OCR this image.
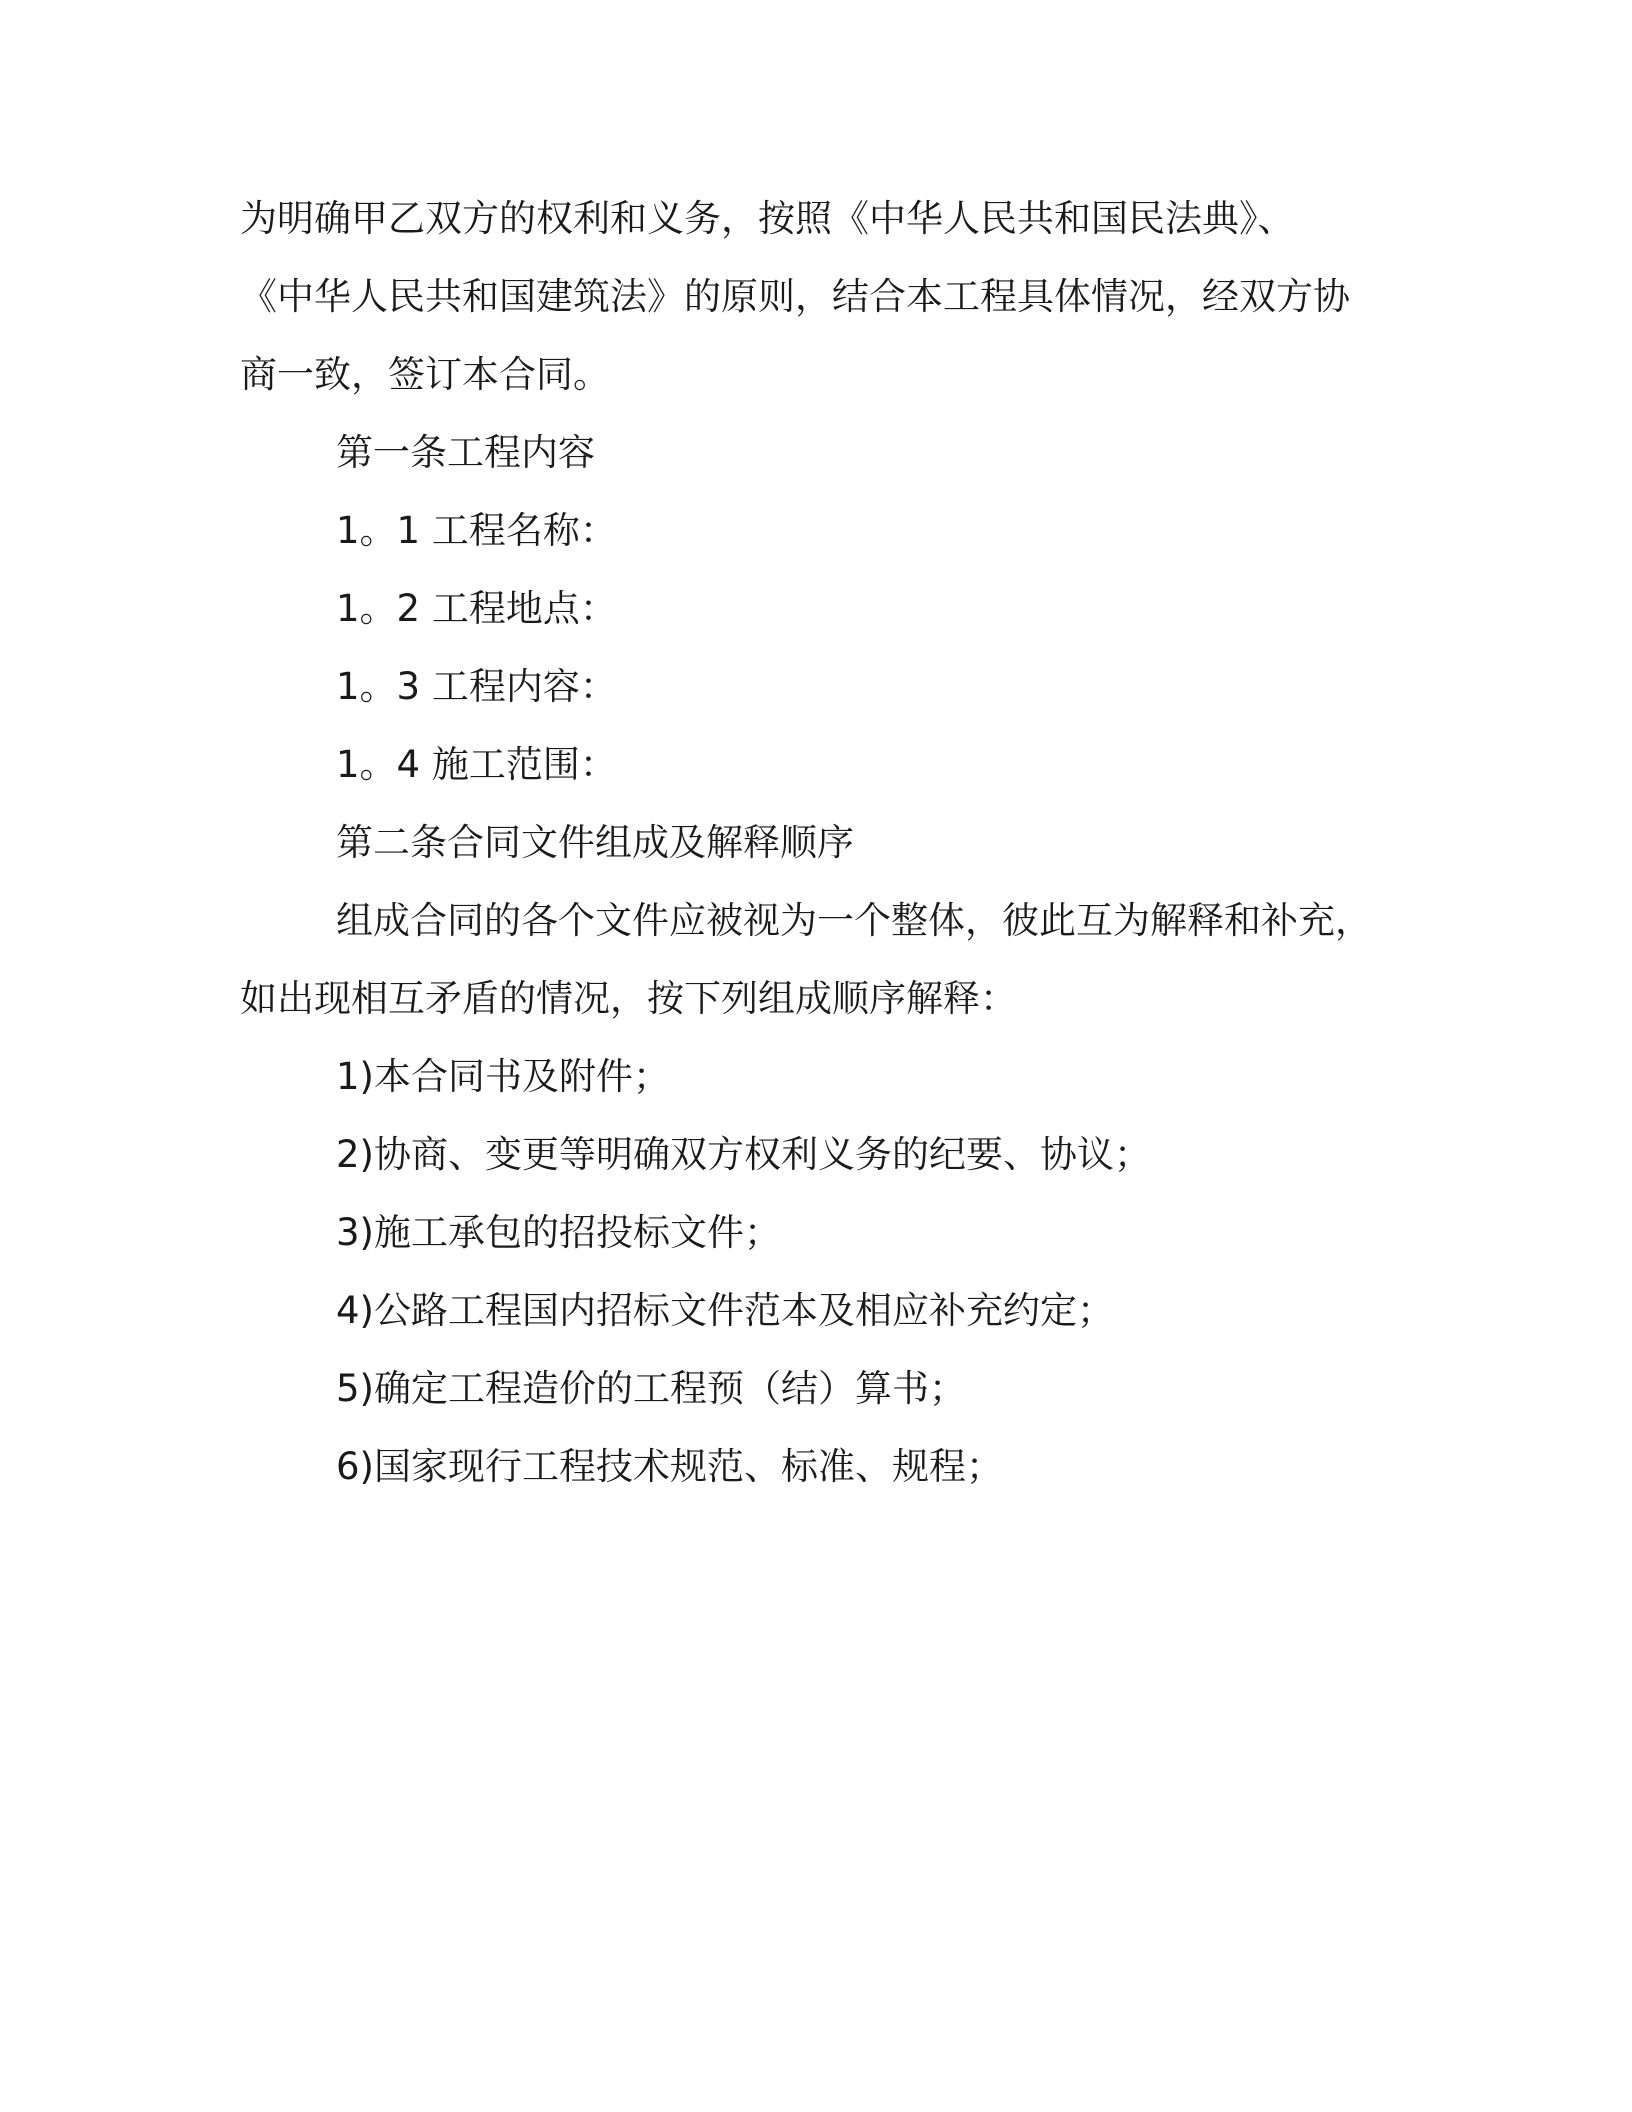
为明确甲乙双方的权利和义务，按照《中华人民共和国民法典》、
《中华人民共和国建筑法》的原则，结合本工程具体情况，经双方协
商一致，签订本合同。

第一条工程内容

1。1 工程名称：

1。2 工程地点：

1。3 工程内容：

1。4 施工范围：

第二条合同文件组成及解释顺序

组成合同的各个文件应被视为一个整体，彼此互为解释和补充，
如出现相互矛盾的情况，按下列组成顺序解释：

1)本合同书及附件；

2)协商、变更等明确双方权利义务的纪要、协议；

3)施工承包的招投标文件；

4)公路工程国内招标文件范本及相应补充约定；

5)确定工程造价的工程预（结）算书；

6)国家现行工程技术规范、标准、规程；
